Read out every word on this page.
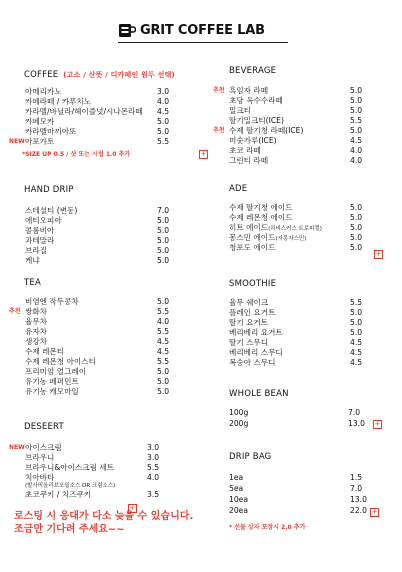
GRIT COFFEE LAB
COFFEE (고소 / 산뜻 / 디카페인 원두 선택)
아메리카노	3.0
카페라떼 / 카푸치노	4.0
카라멜/바닐라/헤이즐넛/시나몬라떼 4.5
카페모카	5.0
카라멜마끼아또	5.0
아포가토	5.5
NEW
*SIZE UP 0.5 / 샷 또는 시럽 1.0 추가	+
HAND DRIP
스테셜티 (변동)	7.0
에티오피아	5.0
콜롬비아	5.0
과테말라	5.0
브라질	5.0
케냐	5.0
TEA
비염엔 작두콩차	5.0
쌍화차	5.5
추천
율무차	4.0
유자차	5.5
생강차	4.5
수제 레몬티	4.5
수제 레몬청 아이스티	5.5
프리미엄 얼그레이	5.0
유기농 페퍼민트	5.0
유기농 캐모마일	5.0
DESEERT
아이스크림	3.0
NEW
브라우니	3.0
브라우니&아이스크림 세트	5.5
치아바타	4.0
(발사믹올리브오일소스 OR 크림소스)
초코쿠키 / 치즈쿠키	3.5
+
로스팅 시 응대가 다소 늦을 수 있습니다.
조금만 기다려 주세요~~
BEVERAGE
흑임자 라떼	5.0
추천
초당 옥수수라떼	5.0
밀크티	5.0
딸기밀크티(ICE)	5.5
수제 딸기청 라떼(ICE)	5.0
추천
미숫가루(ICE)	4.5
초코 라떼	4.0
그린티 라떼	4.0
ADE
수제 딸기청 에이드	5.0
수제 레몬청 에이드	5.0
히트 에이드(히비스커스 트로피컬)	5.0
몽스민 에이드(자몽자스민)	5.0
청포도 에이드	5.0
+
SMOOTHIE
율무 쉐이크	5.5
플레인 요거트	5.0
딸기 요거트	5.0
베리베리 요거트	5.0
딸기 스무디	4.5
베리베리 스무디	4.5
복숭아 스무디	4.5
WHOLE BEAN
100g	7.0
200g	13.0 +
DRIP BAG
1ea	1.5
5ea	7.0
10ea	13.0
20ea	22.0 +
* 선물 상자 포장시 2.0 추가
